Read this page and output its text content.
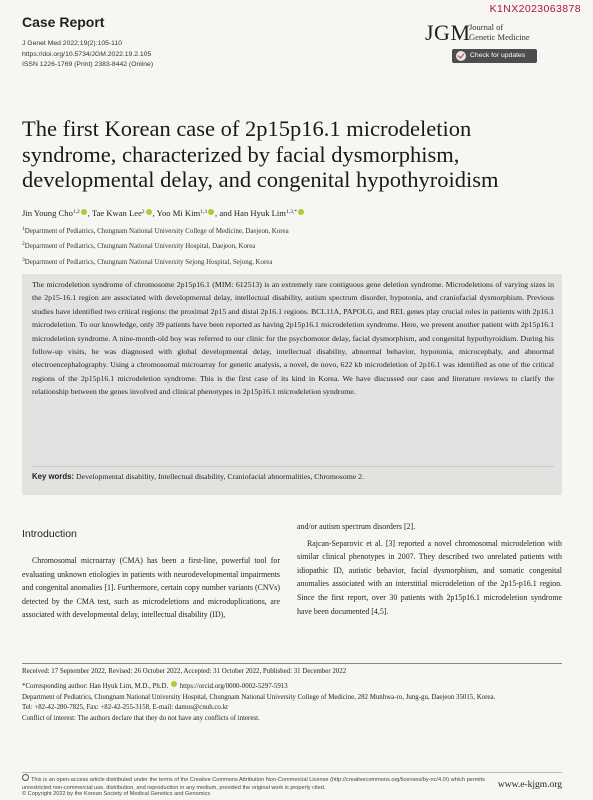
K1NX2023063878
Case Report
J Genet Med 2022;19(2):105-110
https://doi.org/10.5734/JGM.2022.19.2.105
ISSN 1226-1769 (Print) 2383-8442 (Online)
JGM
Journal of
Genetic Medicine
Check for updates
The first Korean case of 2p15p16.1 microdeletion syndrome, characterized by facial dysmorphism, developmental delay, and congenital hypothyroidism
Jin Young Cho$^{1,2}$ , Tae Kwan Lee$^2$ , Yoo Mi Kim$^{1,3}$ , and Han Hyuk Lim$^{1,3,*}$
$^1$Department of Pediatrics, Chungnam National University College of Medicine, Daejeon, Korea
$^2$Department of Pediatrics, Chungnam National University Hospital, Daejeon, Korea
$^3$Department of Pediatrics, Chungnam National University Sejong Hospital, Sejong, Korea

The microdeletion syndrome of chromosome 2p15p16.1 (MIM: 612513) is an extremely rare contiguous gene deletion syndrome. Microdeletions of varying sizes in the 2p15-16.1 region are associated with developmental delay, intellectual disability, autism spectrum disorder, hypotonia, and craniofacial dysmorphism. Previous studies have identified two critical regions: the proximal 2p15 and distal 2p16.1 regions. BCL11A, PAPOLG, and REL genes play crucial roles in patients with 2p16.1 microdeletion. To our knowledge, only 39 patients have been reported as having 2p15p16.1 microdeletion syndrome. Here, we present another patient with 2p15p16.1 microdeletion syndrome. A nine-month-old boy was referred to our clinic for the psychomotor delay, facial dysmorphism, and congenital hypothyroidism. During his follow-up visits, he was diagnosed with global developmental delay, intellectual disability, abnormal behavior, hypotonia, microcephaly, and abnormal electroencephalography. Using a chromosomal microarray for genetic analysis, a novel, de novo, 622 kb microdeletion of 2p16.1 was identified as one of the critical regions of the 2p15p16.1 microdeletion syndrome. This is the first case of its kind in Korea. We have discussed our case and literature reviews to clarify the relationship between the genes involved and clinical phenotypes in 2p15p16.1 microdeletion syndrome.

Key words: Developmental disability, Intellectual disability, Craniofacial abnormalities, Chromosome 2.
Introduction

Chromosomal microarray (CMA) has been a first-line, powerful tool for evaluating unknown etiologies in patients with neurodevelopmental impairments and congenital anomalies [1]. Furthermore, certain copy number variants (CNVs) detected by the CMA test, such as microdeletions and microduplications, are associated with developmental delay, intellectual disability (ID),

and/or autism spectrum disorders [2].

Rajcan-Separovic et al. [3] reported a novel chromosomal microdeletion with similar clinical phenotypes in 2007. They described two unrelated patients with idiopathic ID, autistic behavior, facial dysmorphism, and somatic congenital anomalies associated with an interstitial microdeletion of the 2p15-p16.1 region. Since the first report, over 30 patients with 2p15p16.1 microdeletion syndrome have been documented [4,5].

Received: 17 September 2022, Revised: 26 October 2022, Accepted: 31 October 2022, Published: 31 December 2022
*Corresponding author: Han Hyuk Lim, M.D., Ph.D. https://orcid.org/0000-0002-5297-5913
Department of Pediatrics, Chungnam National University Hospital, Chungnam National University College of Medicine, 282 Munhwa-ro, Jung-gu, Daejeon 35015, Korea.
Tel: +82-42-280-7825, Fax: +82-42-255-3158, E-mail: damus@cnuh.co.kr
Conflict of interest: The authors declare that they do not have any conflicts of interest.
This is an open-access article distributed under the terms of the Creative Commons Attribution Non-Commercial License (http://creativecommons.org/licenses/by-nc/4.0/) which permits unrestricted non-commercial use, distribution, and reproduction in any medium, provided the original work is properly cited.
© Copyright 2022 by the Korean Society of Medical Genetics and Genomics
www.e-kjgm.org
